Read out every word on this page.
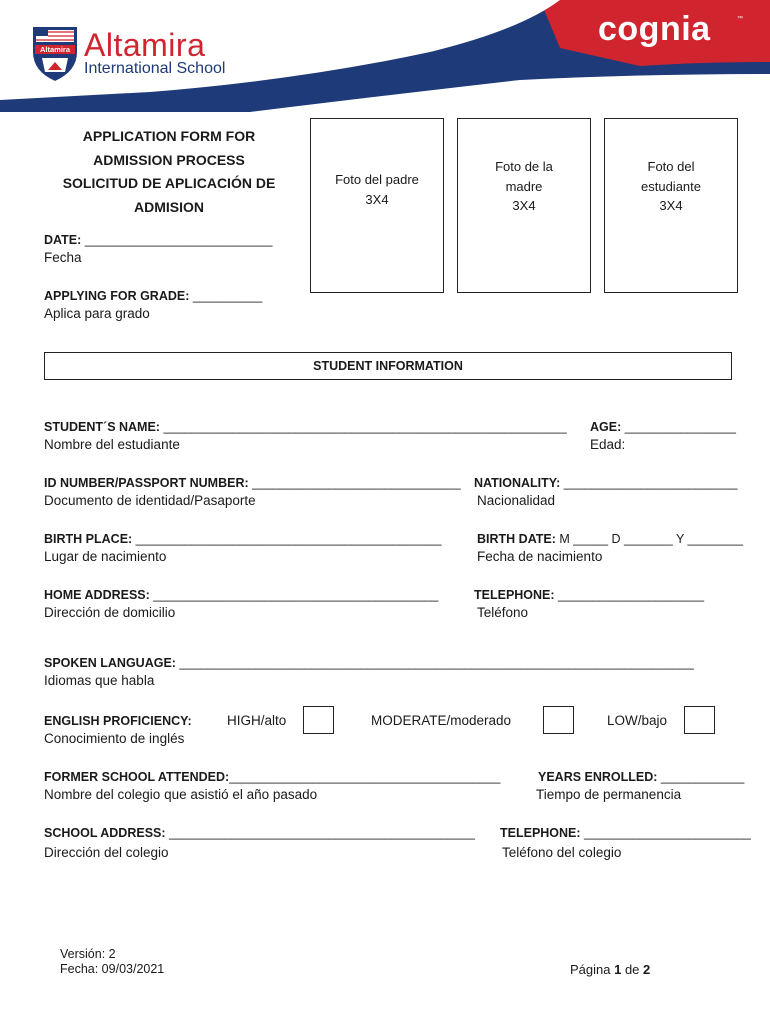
Altamira Altamira
International School
cognia	™
APPLICATION FORM FOR
ADMISSION PROCESS
SOLICITUD DE APLICACIÓN DE
ADMISION
Foto del padre
3X4
Foto de la
madre
3X4
Foto del
estudiante
3X4
DATE: ___________________________
Fecha
APPLYING FOR GRADE: __________
Aplica para grado
STUDENT INFORMATION
STUDENT´S NAME: __________________________________________________________
Nombre del estudiante
AGE: ________________
Edad:
ID NUMBER/PASSPORT NUMBER: ______________________________
Documento de identidad/Pasaporte
NATIONALITY: _________________________
Nacionalidad
BIRTH PLACE: ____________________________________________
Lugar de nacimiento
BIRTH DATE: M _____ D _______ Y ________
Fecha de nacimiento
HOME ADDRESS: _________________________________________
Dirección de domicilio
TELEPHONE: _____________________
Teléfono
SPOKEN LANGUAGE: __________________________________________________________________________
Idiomas que habla
ENGLISH PROFICIENCY:
Conocimiento de inglés
HIGH/alto	MODERATE/moderado	LOW/bajo
FORMER SCHOOL ATTENDED:_______________________________________
Nombre del colegio que asistió el año pasado
YEARS ENROLLED: ____________
Tiempo de permanencia
SCHOOL ADDRESS: ____________________________________________
Dirección del colegio
TELEPHONE: ________________________
Teléfono del colegio
Versión: 2
Fecha: 09/03/2021	Página 1 de 2
